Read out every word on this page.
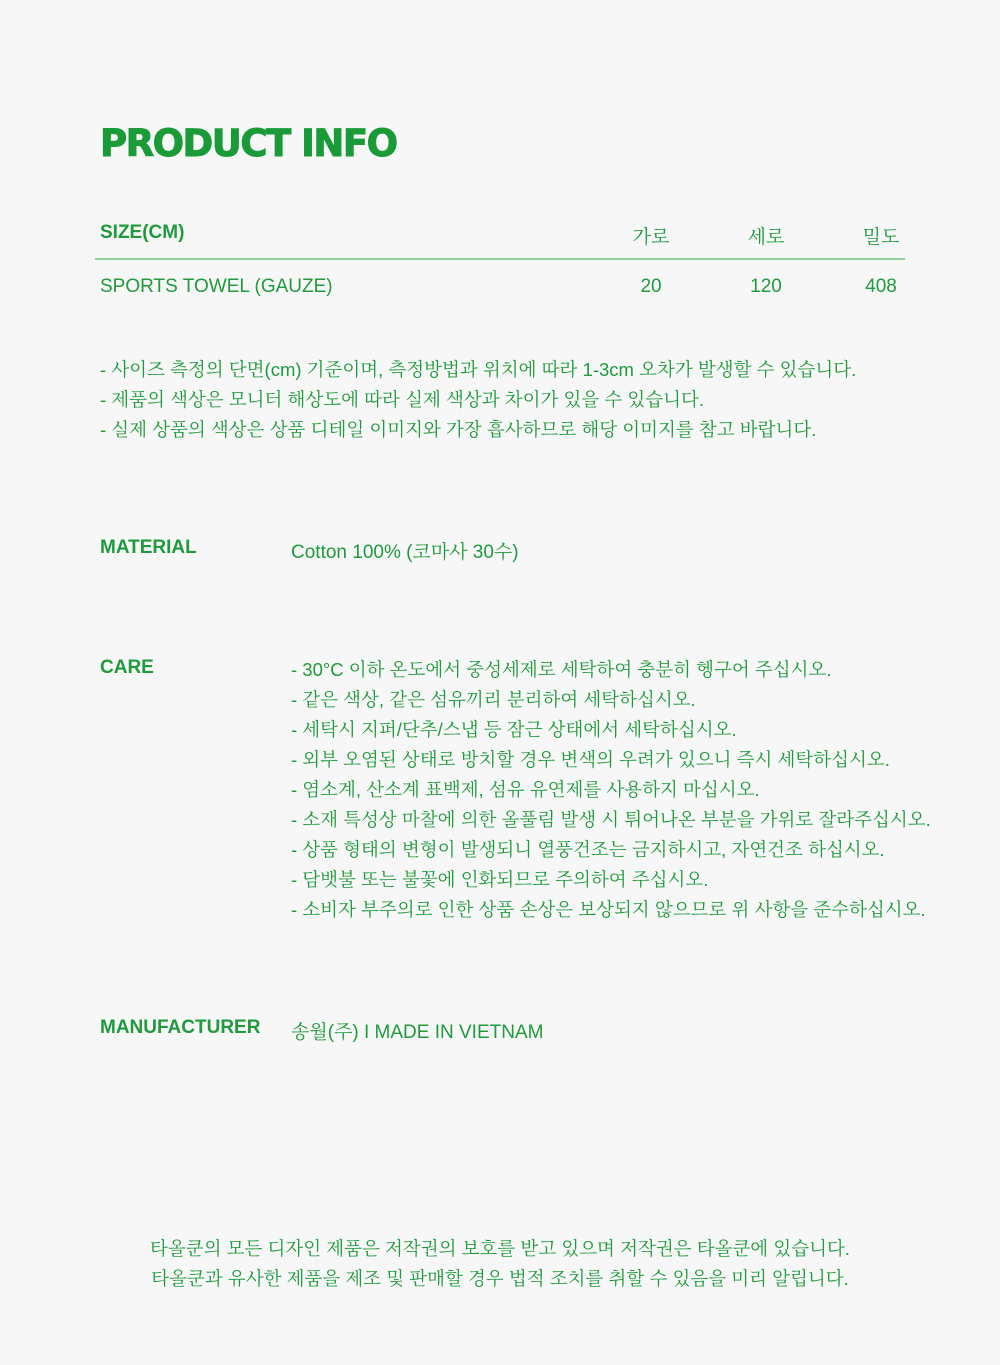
PRODUCT INFO
SIZE(CM)	가로	세로	밀도
SPORTS TOWEL (GAUZE)	20	120	408
- 사이즈 측정의 단면(cm) 기준이며, 측정방법과 위치에 따라 1-3cm 오차가 발생할 수 있습니다.
- 제품의 색상은 모니터 해상도에 따라 실제 색상과 차이가 있을 수 있습니다.
- 실제 상품의 색상은 상품 디테일 이미지와 가장 흡사하므로 해당 이미지를 참고 바랍니다.
MATERIAL	Cotton 100% (코마사 30수)
CARE	- 30°C 이하 온도에서 중성세제로 세탁하여 충분히 헹구어 주십시오.
- 같은 색상, 같은 섬유끼리 분리하여 세탁하십시오.
- 세탁시 지퍼/단추/스냅 등 잠근 상태에서 세탁하십시오.
- 외부 오염된 상태로 방치할 경우 변색의 우려가 있으니 즉시 세탁하십시오.
- 염소계, 산소계 표백제, 섬유 유연제를 사용하지 마십시오.
- 소재 특성상 마찰에 의한 올풀림 발생 시 튀어나온 부분을 가위로 잘라주십시오.
- 상품 형태의 변형이 발생되니 열풍건조는 금지하시고, 자연건조 하십시오.
- 담뱃불 또는 불꽃에 인화되므로 주의하여 주십시오.
- 소비자 부주의로 인한 상품 손상은 보상되지 않으므로 위 사항을 준수하십시오.
MANUFACTURER 송월(주) I MADE IN VIETNAM
타올쿤의 모든 디자인 제품은 저작권의 보호를 받고 있으며 저작권은 타올쿤에 있습니다.
타올쿤과 유사한 제품을 제조 및 판매할 경우 법적 조치를 취할 수 있음을 미리 알립니다.
